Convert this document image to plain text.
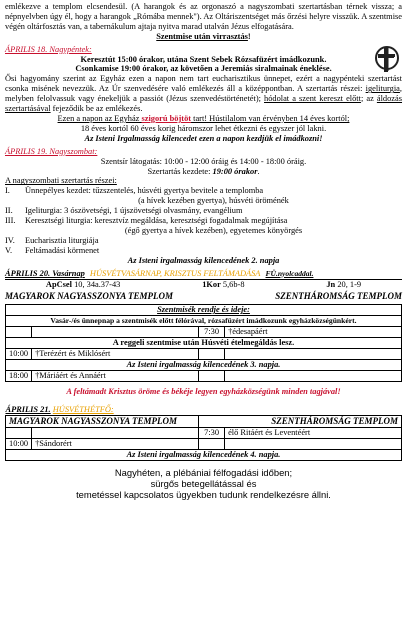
emlékezve a templom elcsendesül. (A harangok és az orgonaszó a nagyszombati szertartásban térnek vissza; a népnyelvben úgy él, hogy a harangok „Rómába mennek"). Az Oltáriszentséget más őrzési helyre visszük. A szentmise végén oltárfosztás van, a tabernákulum ajtaja nyitva marad utalván Jézus elfogatására.

Szentmise után virrasztás!

ÁPRILIS 18. Nagypéntek:

Keresztút 15:00 órakor, utána Szent Sebek Rózsafüzért imádkozunk.

Csonkamise 19:00 órakor, az követően a Jeremiás siralmainak éneklése.

Ősi hagyomány szerint az Egyház ezen a napon nem tart eucharisztikus ünnepet, ezért a nagypénteki szertartást csonka misének nevezzük. Az Úr szenvedésére való emlékezés áll a középpontban. A szertartás részei: igeliturgia, melyben felolvassuk vagy énekeljük a passiót (Jézus szenvedéstörténetét); hódolat a szent kereszt előtt; az áldozás szertartásával fejeződik be az emlékezés.

Ezen a napon az Egyház szigorú böjtöt tart! Hústilalom van érvényben 14 éves kortól;

18 éves kortól 60 éves korig háromszor lehet étkezni és egyszer jól lakni.

Az Isteni Irgalmasság kilencedet ezen a napon kezdjük el imádkozni!

ÁPRILIS 19. Nagyszombat:

Szentsír látogatás: 10:00 - 12:00 óráig és 14:00 - 18:00 óráig.

Szertartás kezdete: 19:00 órakor.

A nagyszombati szertartás részei:

I.	Ünnepélyes kezdet: tűzszentelés, húsvéti gyertya bevitele a templomba
(a hívek kezében gyertya), húsvéti öröménék
II.	Igeliturgia: 3 ószövetségi, 1 újszövetségi olvasmány, evangélium
III.	Keresztségi liturgia: keresztvíz megáldása, keresztségi fogadalmak megújítása
(égő gyertya a hívek kezében), egyetemes könyörgés
IV.	Eucharisztia liturgiája
V.	Feltámadási körmenet

Az Isteni irgalmasság kilencedének 2. napja

ÁPRILIS 20. Vasárnap HÚSVÉTVASÁRNAP, KRISZTUS FELTÁMADÁSA FÜ.nyolcaddal.

ApCsel 10, 34a.37-43	1Kor 5,6b-8	Jn 20, 1-9
MAGYAROK NAGYASSZONYA TEMPLOM	SZENTHÁROMSÁG TEMPLOM
Szentmisék rendje és ideje:			
Vasár-/és ünnepnap a szentmisék előtt félórával, rózsafüzért imádkozunk egyházközségünkért.			
		7:30	†édesapáért
A reggeli szentmise után Húsvéti ételmegáldás lesz.			
10:00	†Terézért és Miklósért		
Az Isteni irgalmasság kilencedének 3. napja.			
18:00	†Máriáért és Annáért		

A feltámadt Krisztus öröme és békéje legyen egyházközségünk minden tagjával!

ÁPRILIS 21. HÚSVÉTHÉTFŐ:			
MAGYAROK NAGYASSZONYA TEMPLOM		SZENTHÁROMSÁG TEMPLOM	
		7:30	élő Ritáért és Leventéért
10:00	†Sándorért		
Az Isteni irgalmasság kilencedének 4. napja.			

Nagyhéten, a plébániai félfogadási időben;

sürgős betegellátással és

temetéssel kapcsolatos ügyekben tudunk rendelkezésre állni.
